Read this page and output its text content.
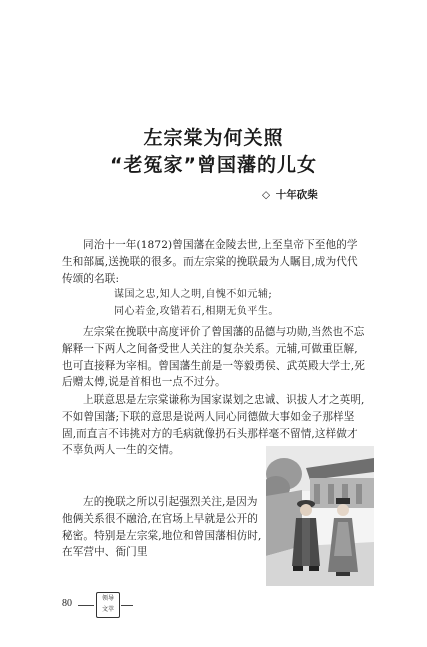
左宗棠为何关照
“老冤家”曾国藩的儿女
◇ 十年砍柴

同治十一年(1872)曾国藩在金陵去世,上至皇帝下至他的学生和部属,送挽联的很多。而左宗棠的挽联最为人瞩目,成为代代传颂的名联:

谋国之忠,知人之明,自愧不如元辅;
同心若金,攻错若石,相期无负平生。

左宗棠在挽联中高度评价了曾国藩的品德与功勋,当然也不忘解释一下两人之间备受世人关注的复杂关系。元辅,可做重臣解,也可直接释为宰相。曾国藩生前是一等毅勇侯、武英殿大学士,死后赠太傅,说是首相也一点不过分。

上联意思是左宗棠谦称为国家谋划之忠诚、识拔人才之英明,不如曾国藩;下联的意思是说两人同心同德做大事如金子那样坚固,而直言不讳挑对方的毛病就像扔石头那样毫不留情,这样做才不辜负两人一生的交情。

左的挽联之所以引起强烈关注,是因为他俩关系很不融洽,在官场上早就是公开的秘密。特别是左宗棠,地位和曾国藩相仿时,在军营中、衙门里

80	领导
文萃
